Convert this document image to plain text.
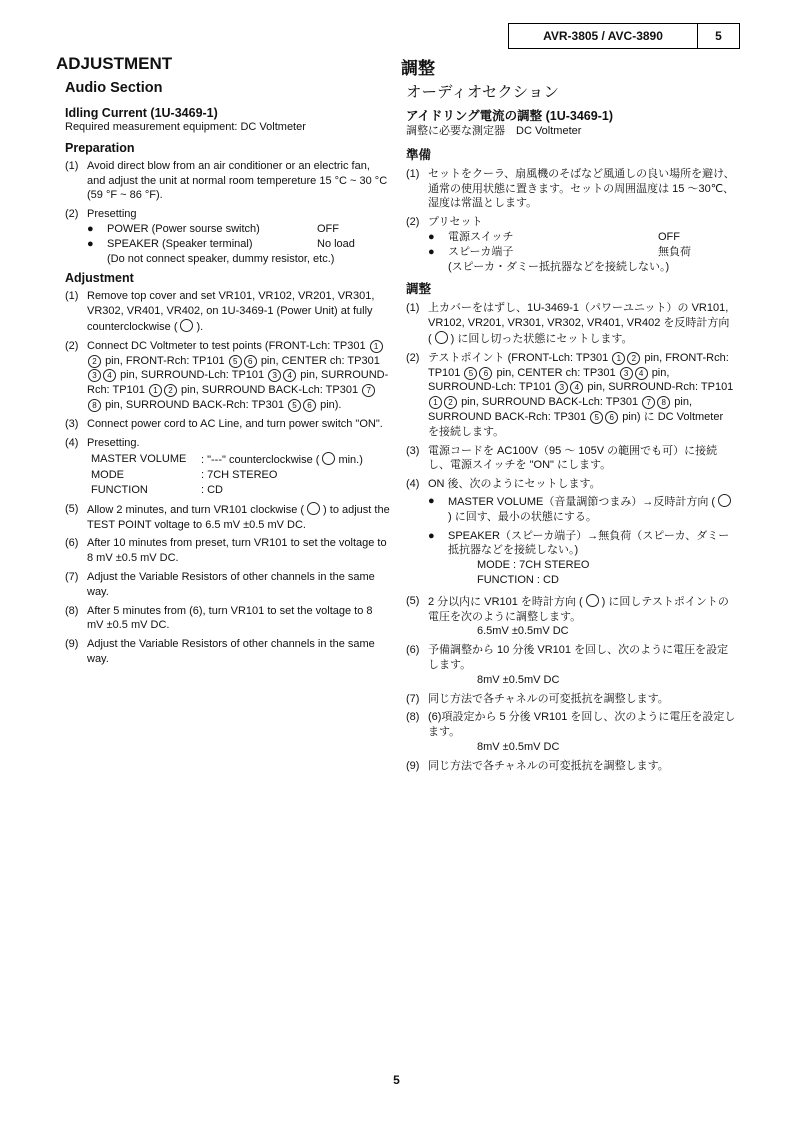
AVR-3805 / AVC-3890	5
ADJUSTMENT
Audio Section
Idling Current (1U-3469-1)
Required measurement equipment: DC Voltmeter
Preparation
(1) Avoid direct blow from an air conditioner or an electric fan, and adjust the unit at normal room tempereture 15 °C ~ 30 °C (59 °F ~ 86 °F).
(2) Presetting
●	POWER (Power sourse switch)	OFF
●	SPEAKER (Speaker terminal)	No load
(Do not connect speaker, dummy resistor, etc.)
Adjustment
(1) Remove top cover and set VR101, VR102, VR201, VR301, VR302, VR401, VR402, on 1U-3469-1 (Power Unit) at fully counterclockwise ( ).
(2) Connect DC Voltmeter to test points (FRONT-Lch: TP301 12 pin, FRONT-Rch: TP101 5 6 pin, CENTER ch: TP301 3 4 pin, SURROUND-Lch: TP101 3 4 pin, SURROUND-Rch: TP101 1 2 pin, SURROUND BACK-Lch: TP301 78 pin, SURROUND BACK-Rch: TP301 5 6 pin).
(3) Connect power cord to AC Line, and turn power switch "ON".
(4) Presetting.
MASTER VOLUME	: "---" counterclockwise ( min.)
MODE	: 7CH STEREO
FUNCTION	: CD
(5) Allow 2 minutes, and turn VR101 clockwise ( ) to adjust the TEST POINT voltage to 6.5 mV ±0.5 mV DC.
(6) After 10 minutes from preset, turn VR101 to set the voltage to 8 mV ±0.5 mV DC.
(7) Adjust the Variable Resistors of other channels in the same way.
(8) After 5 minutes from (6), turn VR101 to set the voltage to 8 mV ±0.5 mV DC.
(9) Adjust the Variable Resistors of other channels in the same way.
調整
オーディオセクション
アイドリング電流の調整 (1U-3469-1)
調整に必要な測定器　DC Voltmeter
準備
(1) セットをクーラ、扇風機のそばなど風通しの良い場所を避け、通常の使用状態に置きます。セットの周囲温度は 15 ～30℃、湿度は常温とします。
(2) プリセット
●	電源スイッチ	OFF
●	スピーカ端子	無負荷
(スピーカ・ダミー抵抗器などを接続しない。)
調整
(1) 上カバーをはずし、1U-3469-1（パワーユニット）の VR101, VR102, VR201, VR301, VR302, VR401, VR402 を反時計方向 ( ) に回し切った状態にセットします。
(2) テストポイント (FRONT-Lch: TP301 1 2 pin, FRONT-Rch: TP101 5 6 pin, CENTER ch: TP301 3 4 pin, SURROUND-Lch: TP101 3 4 pin, SURROUND-Rch: TP101 1 2 pin, SURROUND BACK-Lch: TP301 7 8 pin, SURROUND BACK-Rch: TP301 5 6 pin) に DC Voltmeter を接続します。
(3) 電源コードを AC100V（95 ～ 105V の範囲でも可）に接続し、電源スイッチを "ON" にします。
(4) ON 後、次のようにセットします。
●	MASTER VOLUME（音量調節つまみ）→反時計方向 () に回す、最小の状態にする。
●	SPEAKER（スピーカ端子）→無負荷（スピーカ、ダミー抵抗器などを接続しない。)
MODE : 7CH STEREO
FUNCTION : CD
(5) 2 分以内に VR101 を時計方向 ( ) に回しテストポイントの電圧を次のように調整します。
6.5mV ±0.5mV DC
(6) 予備調整から 10 分後 VR101 を回し、次のように電圧を設定します。
8mV ±0.5mV DC
(7) 同じ方法で各チャネルの可変抵抗を調整します。
(8) (6)項設定から 5 分後 VR101 を回し、次のように電圧を設定します。
8mV ±0.5mV DC
(9) 同じ方法で各チャネルの可変抵抗を調整します。
5
